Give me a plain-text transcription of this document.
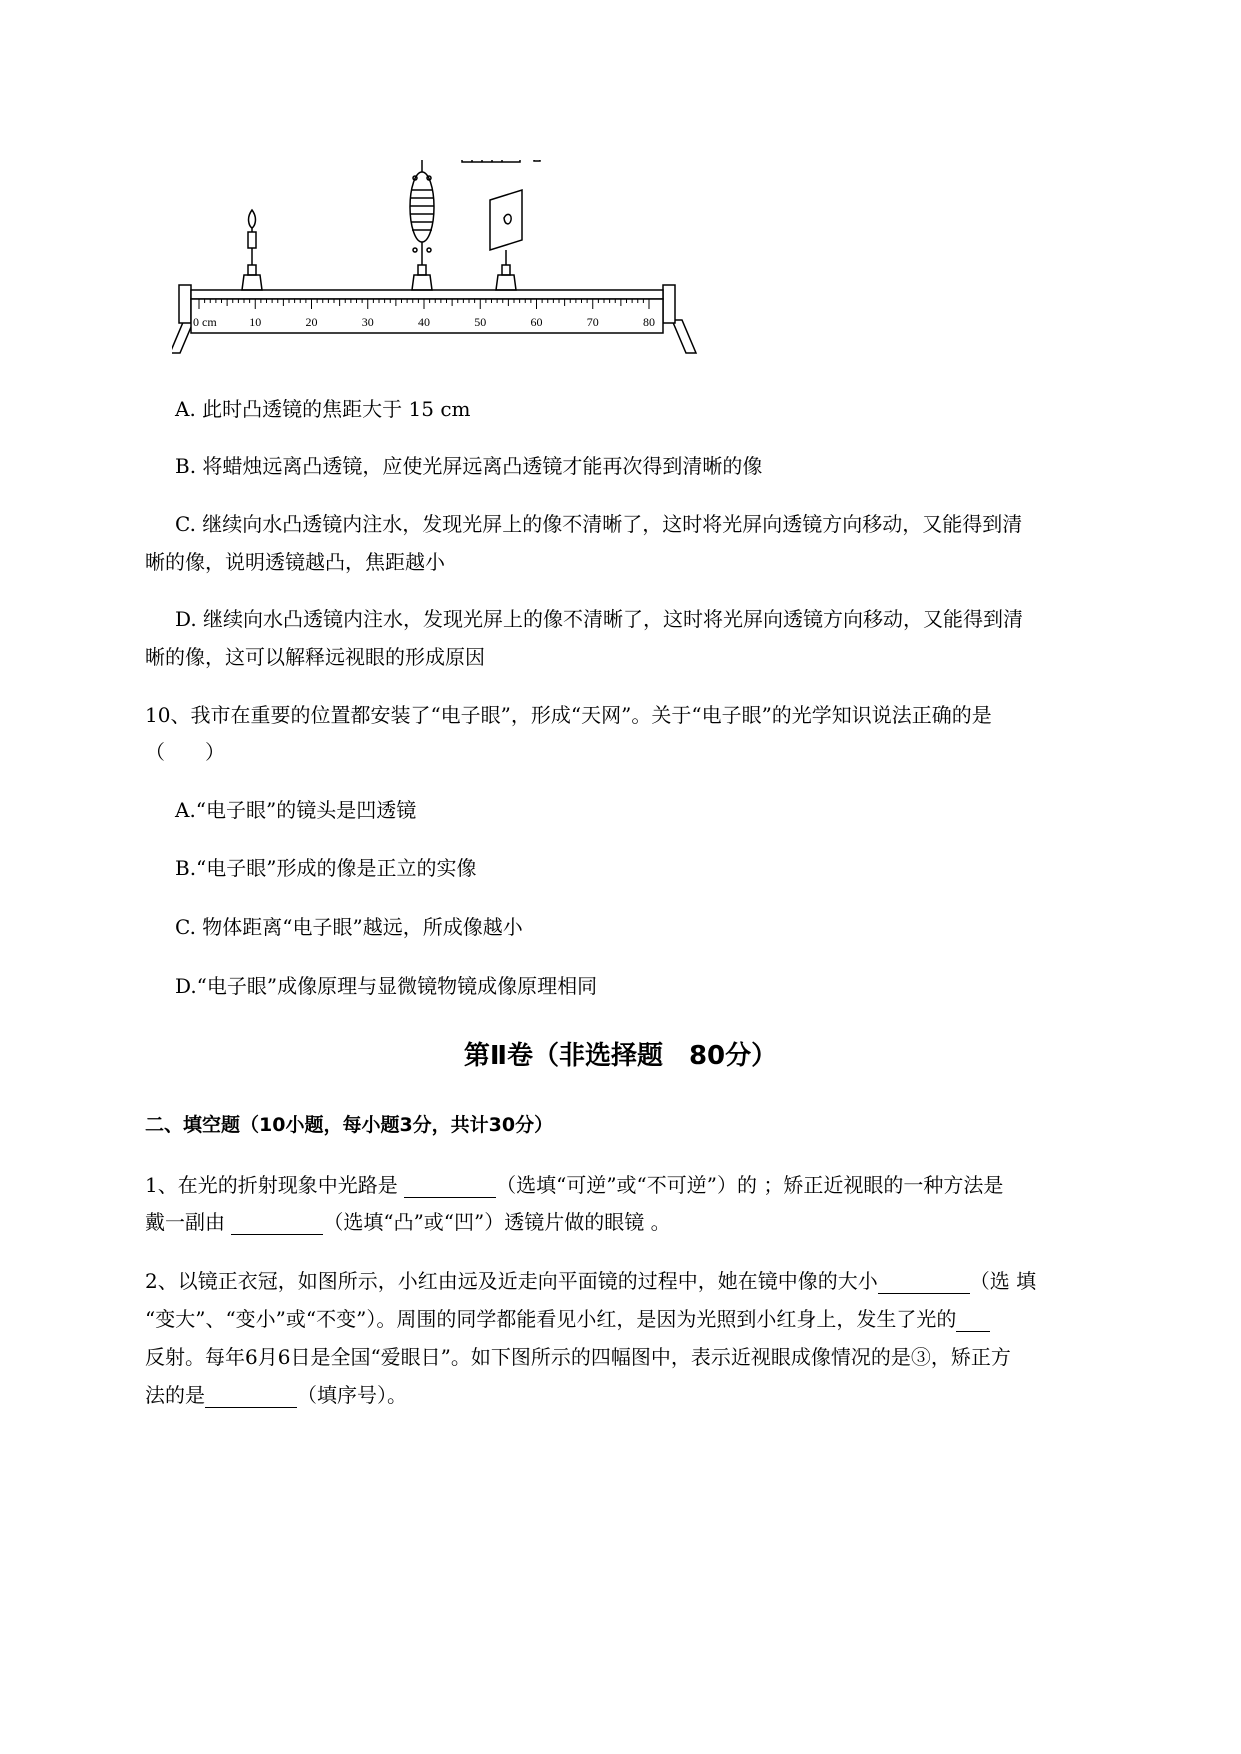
0 cm	10	20	30	40	50	60	70	80
A. 此时凸透镜的焦距大于 15 cm
B. 将蜡烛远离凸透镜，应使光屏远离凸透镜才能再次得到清晰的像
C. 继续向水凸透镜内注水，发现光屏上的像不清晰了，这时将光屏向透镜方向移动，又能得到清
晰的像，说明透镜越凸，焦距越小
D. 继续向水凸透镜内注水，发现光屏上的像不清晰了，这时将光屏向透镜方向移动，又能得到清
晰的像，这可以解释远视眼的形成原因
10、我市在重要的位置都安装了“电子眼”，形成“天网”。关于“电子眼”的光学知识说法正确的是
（　　）
A.“电子眼”的镜头是凹透镜
B.“电子眼”形成的像是正立的实像
C. 物体距离“电子眼”越远，所成像越小
D.“电子眼”成像原理与显微镜物镜成像原理相同
第Ⅱ卷（非选择题　80分）
二、填空题（10小题，每小题3分，共计30分）
1、在光的折射现象中光路是	（选填“可逆”或“不可逆”）的 ；矫正近视眼的一种方法是
戴一副由	（选填“凸”或“凹”）透镜片做的眼镜 。
2、以镜正衣冠，如图所示，小红由远及近走向平面镜的过程中，她在镜中像的大小	（选 填
“变大”、“变小”或“不变”）。周围的同学都能看见小红，是因为光照到小红身上，发生了光的
反射。每年6月6日是全国“爱眼日”。如下图所示的四幅图中，表示近视眼成像情况的是③，矫正方
法的是	（填序号）。
